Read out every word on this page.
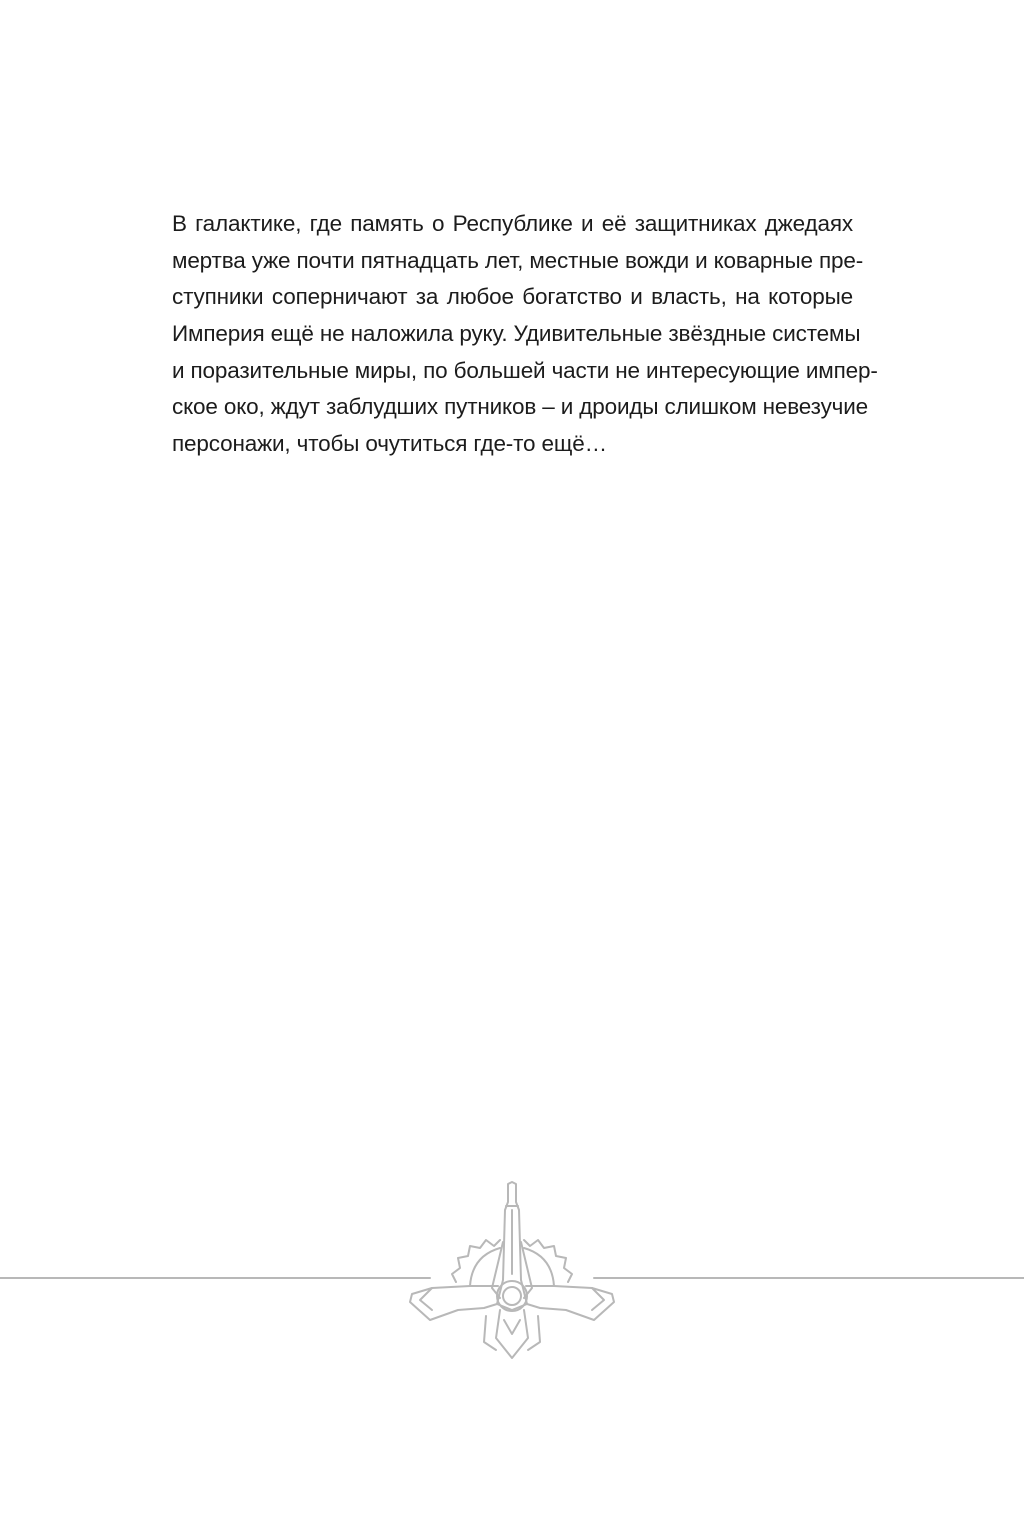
В галактике, где память о Республике и её защитниках джедаях
мертва уже почти пятнадцать лет, местные вожди и коварные пре-
ступники соперничают за любое богатство и власть, на которые
Империя ещё не наложила руку. Удивительные звёздные системы
и поразительные миры, по большей части не интересующие импер-
ское око, ждут заблудших путников – и дроиды слишком невезучие
персонажи, чтобы очутиться где-то ещё…
